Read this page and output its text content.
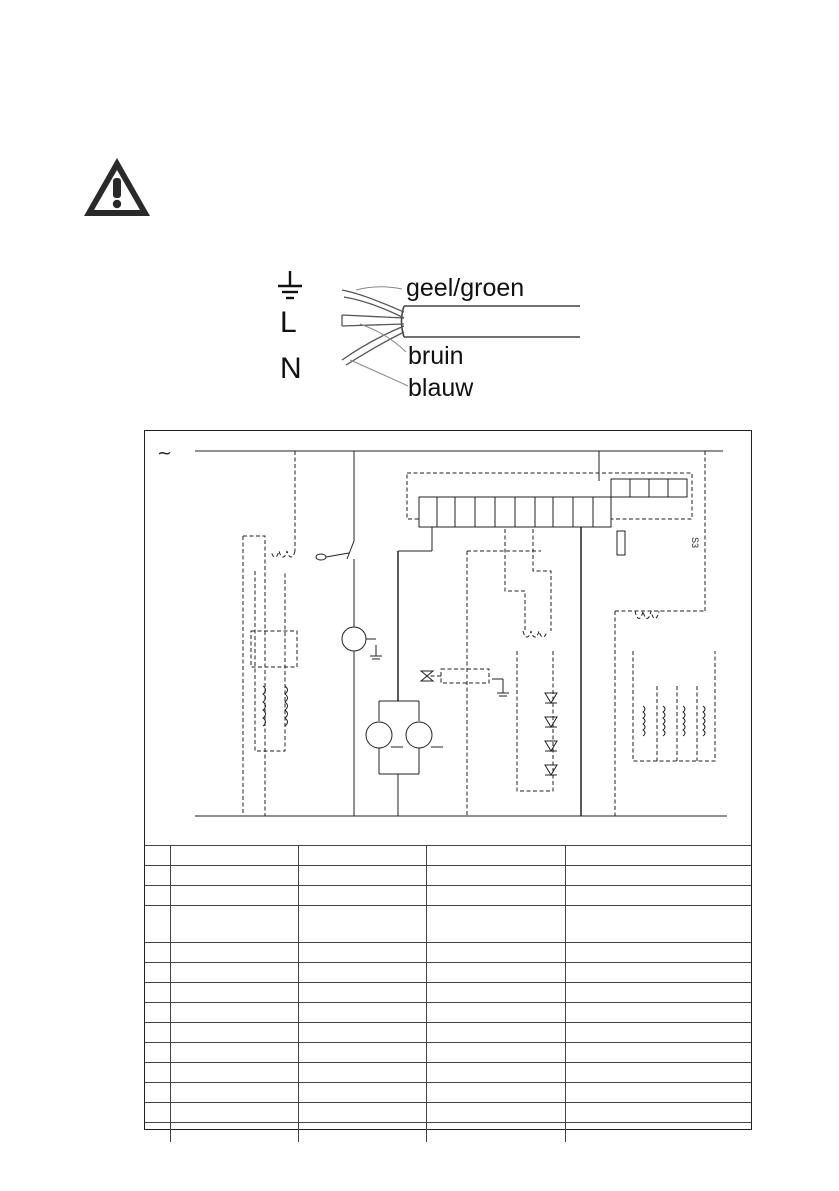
L
N
geel/groen
bruin
blauw
~
S3
